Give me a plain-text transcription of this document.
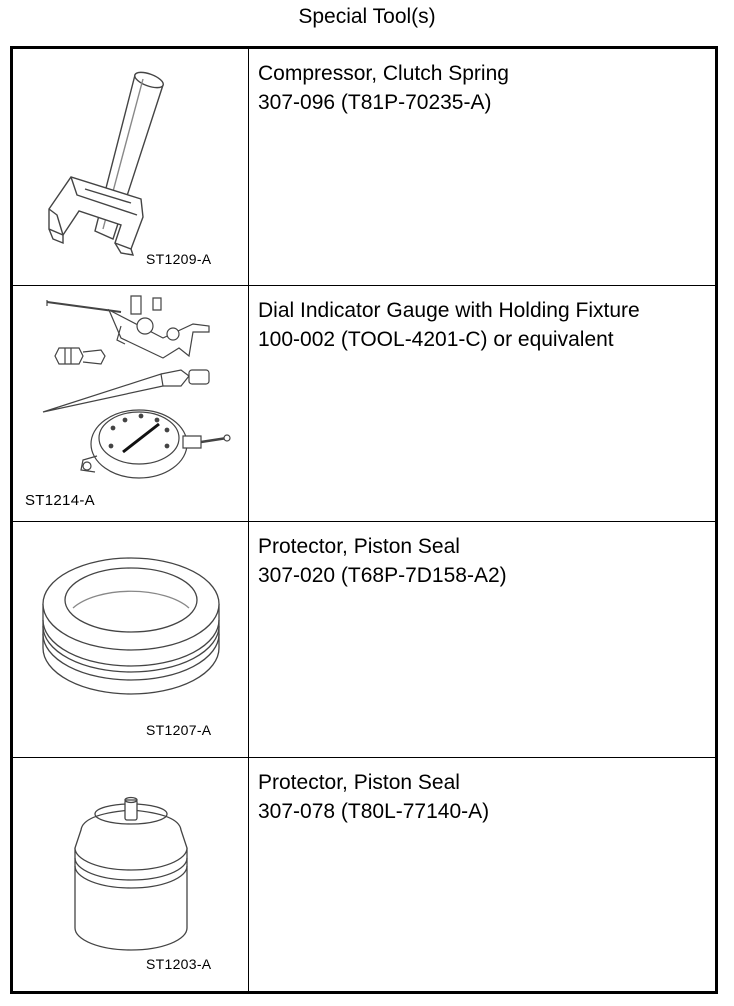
Special Tool(s)
ST1209-A
Compressor, Clutch Spring
307-096 (T81P-70235-A)
ST1214-A
Dial Indicator Gauge with Holding Fixture
100-002 (TOOL-4201-C) or equivalent
ST1207-A
Protector, Piston Seal
307-020 (T68P-7D158-A2)
ST1203-A
Protector, Piston Seal
307-078 (T80L-77140-A)
